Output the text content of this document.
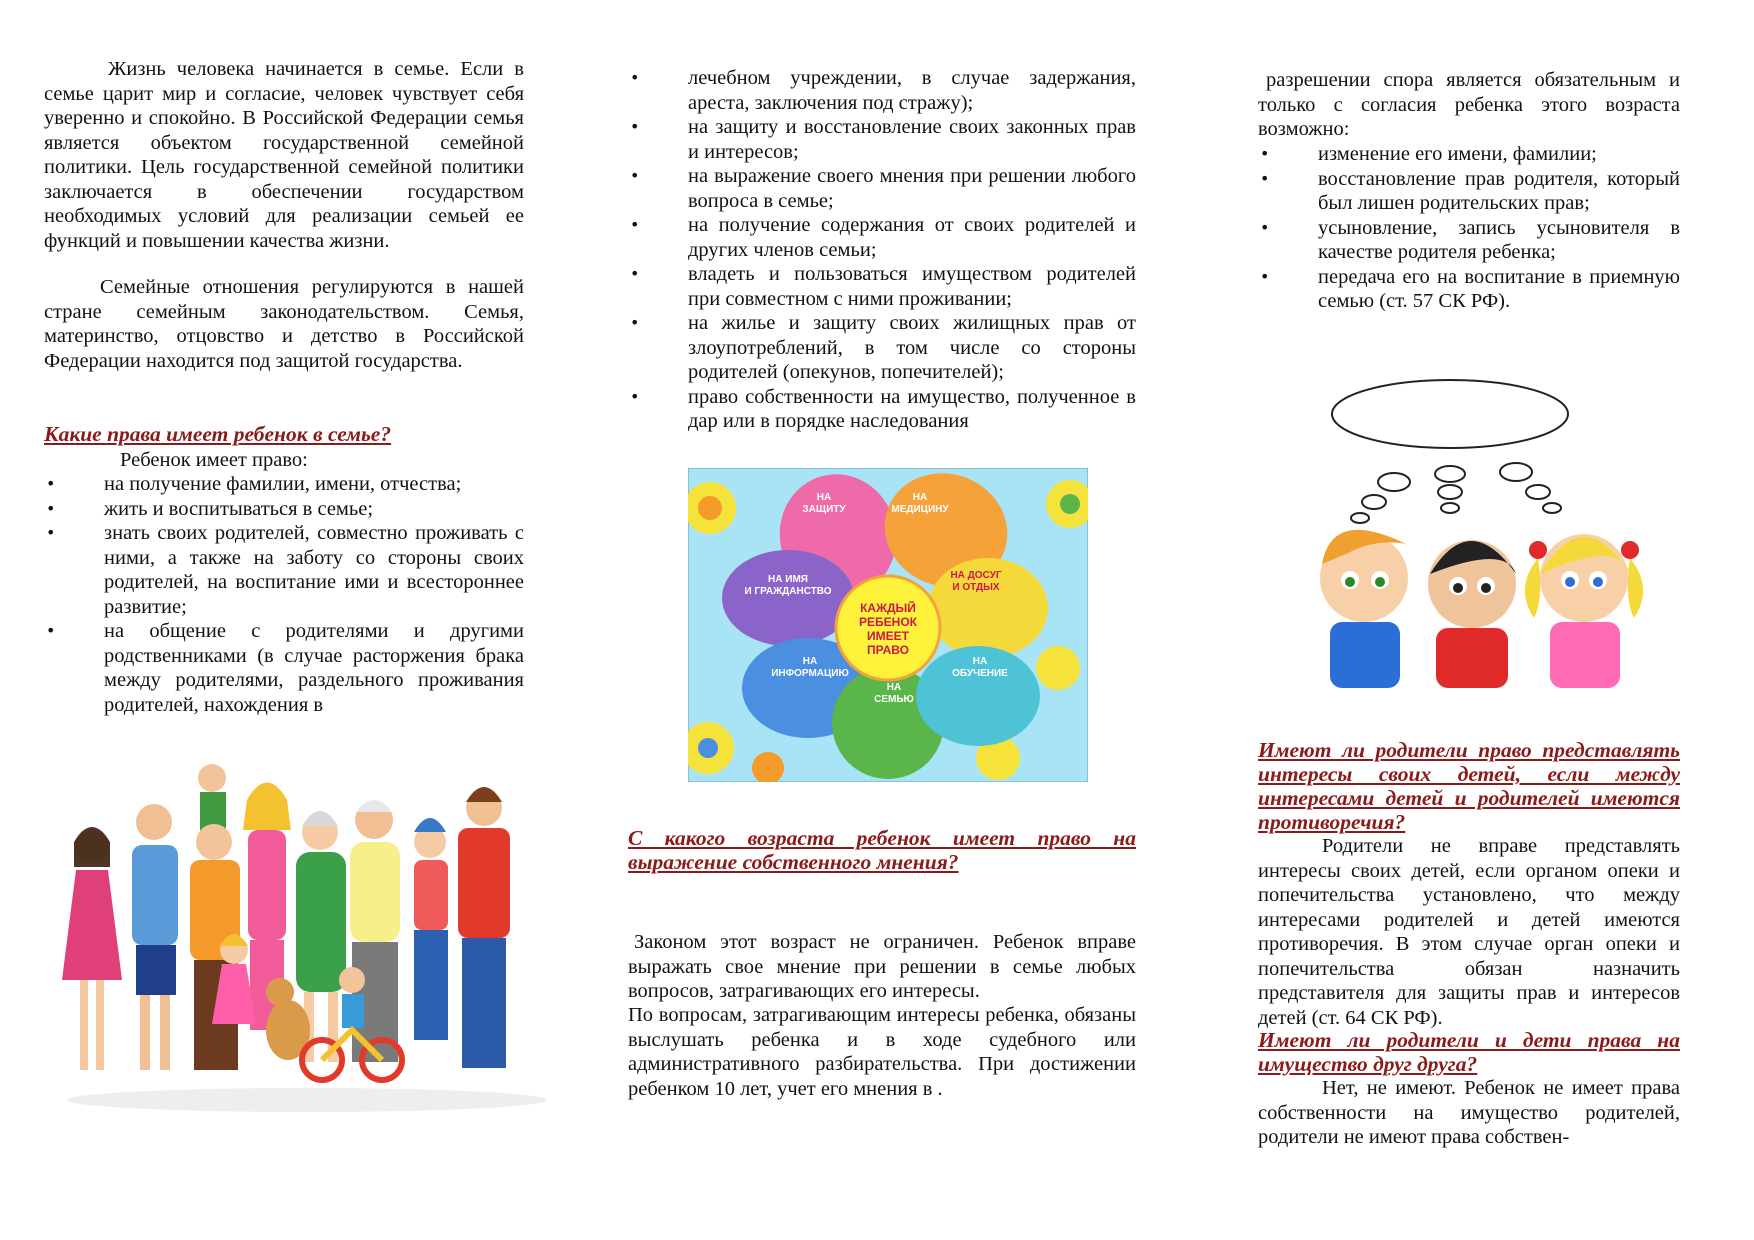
Жизнь человека начинается в семье. Если в семье царит мир и согласие, человек чувствует себя уверенно и спокойно. В Российской Федерации семья является объектом государственной семейной политики. Цель государственной семейной политики заключается в обеспечении государством необходимых условий для реализации семьей ее функций и повышении качества жизни.

Семейные отношения регулируются в нашей стране семейным законодательством. Семья, материнство, отцовство и детство в Российской Федерации находится под защитой государства.

Какие права имеет ребенок в семье?

Ребенок имеет право:

• на получение фамилии, имени, отчества;
• жить и воспитываться в семье;
• знать своих родителей, совместно проживать с ними, а также на заботу со стороны своих родителей, на воспитание ими и всестороннее развитие;
• на общение с родителями и другими родственниками (в случае расторжения брака между родителями, раздельного проживания родителей, нахождения в
• лечебном учреждении, в случае задержания, ареста, заключения под стражу);
• на защиту и восстановление своих законных прав и интересов;
• на выражение своего мнения при решении любого вопроса в семье;
• на получение содержания от своих родителей и других членов семьи;
• владеть и пользоваться имуществом родителей при совместном с ними проживании;
• на жилье и защиту своих жилищных прав от злоупотреблений, в том числе со стороны родителей (опекунов, попечителей);
• право собственности на имущество, полученное в дар или в порядке наследования
КАЖДЫЙ
РЕБЕНОК
ИМЕЕТ
ПРАВО
НА
ЗАЩИТУ
НА
МЕДИЦИНУ
НА ИМЯ
И ГРАЖДАНСТВО
НА ДОСУГ
И ОТДЫХ
НА
ИНФОРМАЦИЮ
НА
СЕМЬЮ
НА
ОБУЧЕНИЕ

С какого возраста ребенок имеет право на выражение собственного мнения?

Законом этот возраст не ограничен. Ребенок вправе выражать свое мнение при решении в семье любых вопросов, затрагивающих его интересы.

По вопросам, затрагивающим интересы ребенка, обязаны выслушать ребенка и в ходе судебного или административного разбирательства. При достижении ребенком 10 лет, учет его мнения в .

разрешении спора является обязательным и только с согласия ребенка этого возраста возможно:

• изменение его имени, фамилии;
• восстановление прав родителя, который был лишен родительских прав;
• усыновление, запись усыновителя в качестве родителя ребенка;
• передача его на воспитание в приемную семью (ст. 57 СК РФ).

Имеют ли родители право представлять интересы своих детей, если между интересами детей и родителей имеются противоречия?

Родители не вправе представлять интересы своих детей, если органом опеки и попечительства установлено, что между интересами родителей и детей имеются противоречия. В этом случае орган опеки и попечительства обязан назначить представителя для защиты прав и интересов детей (ст. 64 СК РФ).

Имеют ли родители и дети права на имущество друг друга?

Нет, не имеют. Ребенок не имеет права собственности на имущество родителей, родители не имеют права собствен-
